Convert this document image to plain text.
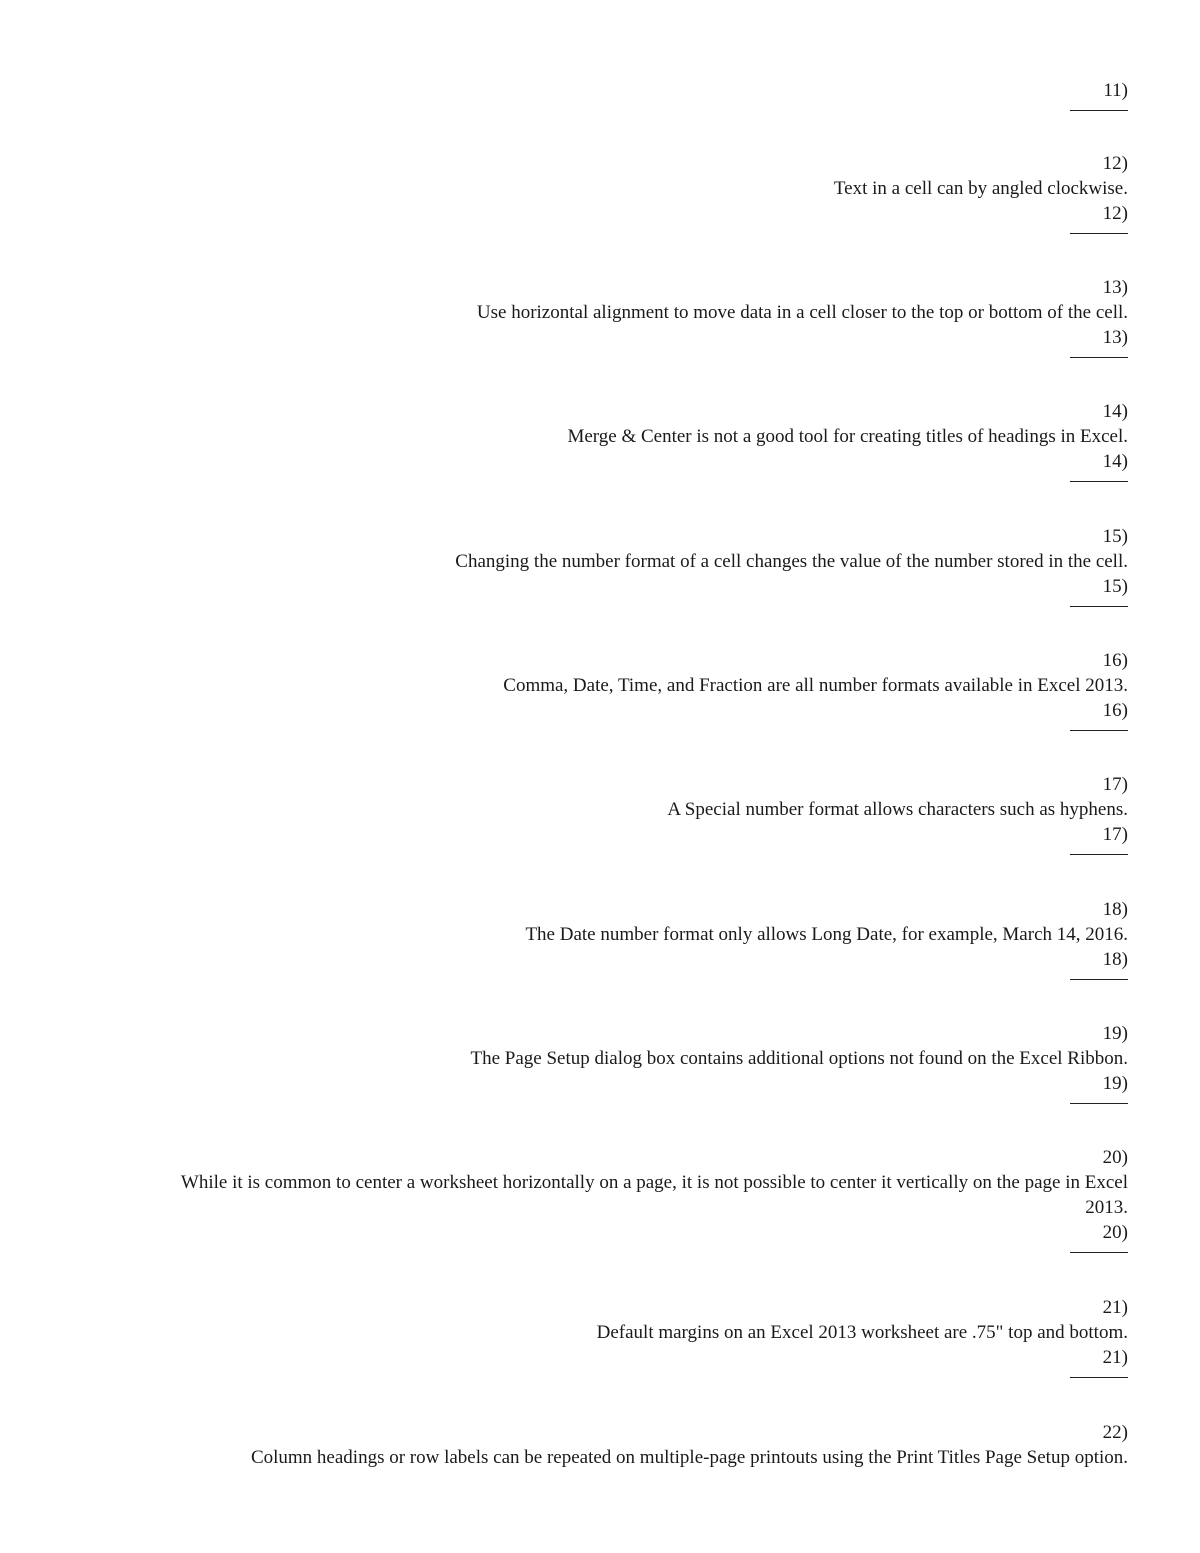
11)
12)
Text in a cell can by angled clockwise.
12)
13)
Use horizontal alignment to move data in a cell closer to the top or bottom of the cell.
13)
14)
Merge & Center is not a good tool for creating titles of headings in Excel.
14)
15)
Changing the number format of a cell changes the value of the number stored in the cell.
15)
16)
Comma, Date, Time, and Fraction are all number formats available in Excel 2013.
16)
17)
A Special number format allows characters such as hyphens.
17)
18)
The Date number format only allows Long Date, for example, March 14, 2016.
18)
19)
The Page Setup dialog box contains additional options not found on the Excel Ribbon.
19)
20)
While it is common to center a worksheet horizontally on a page, it is not possible to center it vertically on the page in Excel 2013.
20)
21)
Default margins on an Excel 2013 worksheet are .75" top and bottom.
21)
22)
Column headings or row labels can be repeated on multiple-page printouts using the Print Titles Page Setup option.
